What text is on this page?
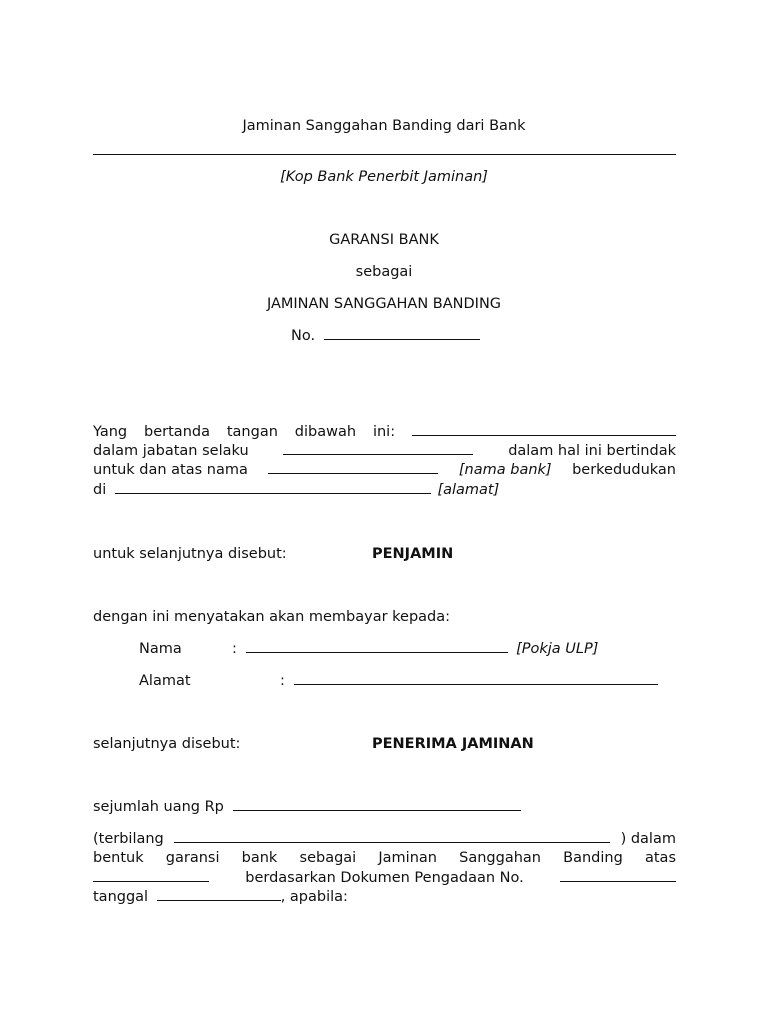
Jaminan Sanggahan Banding dari Bank
[Kop Bank Penerbit Jaminan]
GARANSI BANK
sebagai
JAMINAN SANGGAHAN BANDING
No.
Yang bertanda tangan dibawah ini:
dalam jabatan selaku	dalam hal ini bertindak
untuk dan atas nama	[nama bank] berkedudukan
di	[alamat]
untuk selanjutnya disebut:	PENJAMIN
dengan ini menyatakan akan membayar kepada:
Nama	:	[Pokja ULP]
Alamat	:
selanjutnya disebut:	PENERIMA JAMINAN
sejumlah uang Rp
(terbilang	) dalam
bentuk garansi bank sebagai Jaminan Sanggahan Banding atas
berdasarkan Dokumen Pengadaan No.
tanggal	, apabila:
